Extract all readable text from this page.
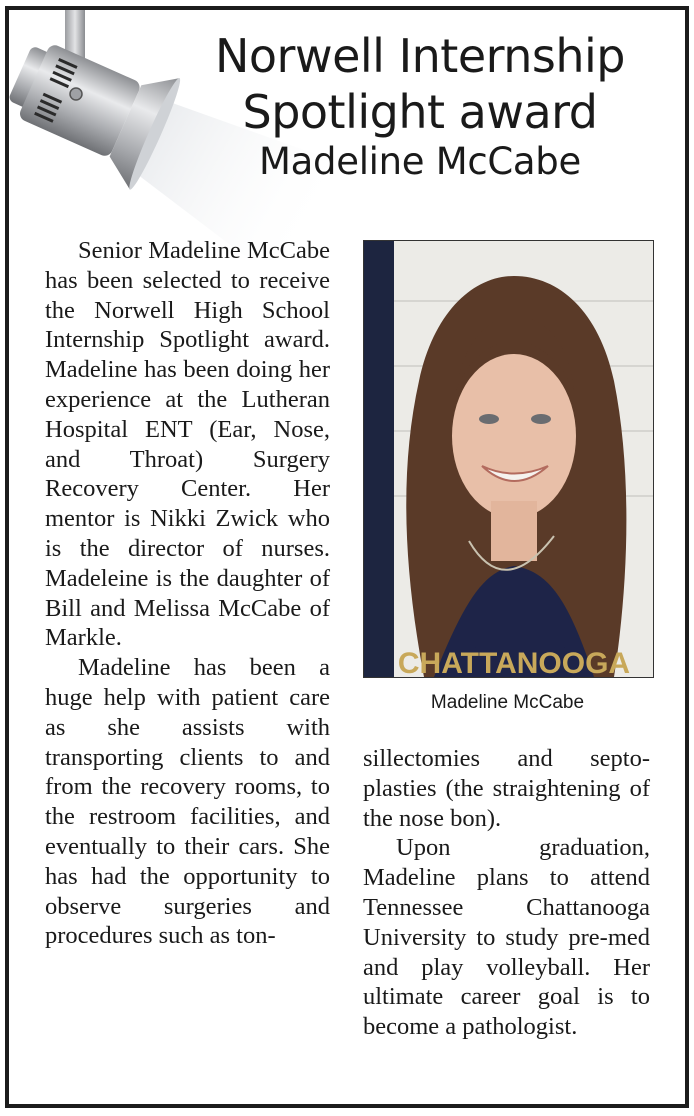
Norwell Internship
Spotlight award
Madeline McCabe

Senior Madeline McCabe has been selected to receive the Norwell High School Internship Spotlight award. Madeline has been doing her experience at the Lutheran Hospital ENT (Ear, Nose, and Throat) Surgery Recovery Center. Her mentor is Nikki Zwick who is the director of nurses. Madeleine is the daughter of Bill and Melissa McCabe of Markle.

Madeline has been a huge help with patient care as she assists with transporting clients to and from the recovery rooms, to the restroom facilities, and eventually to their cars. She has had the opportunity to observe surgeries and procedures such as ton-

CHATTANOOGA
Madeline McCabe

sillectomies and septoplasties (the straightening of the nose bon).

Upon graduation, Madeline plans to attend Tennessee Chattanooga University to study pre-med and play volleyball. Her ultimate career goal is to become a pathologist.
